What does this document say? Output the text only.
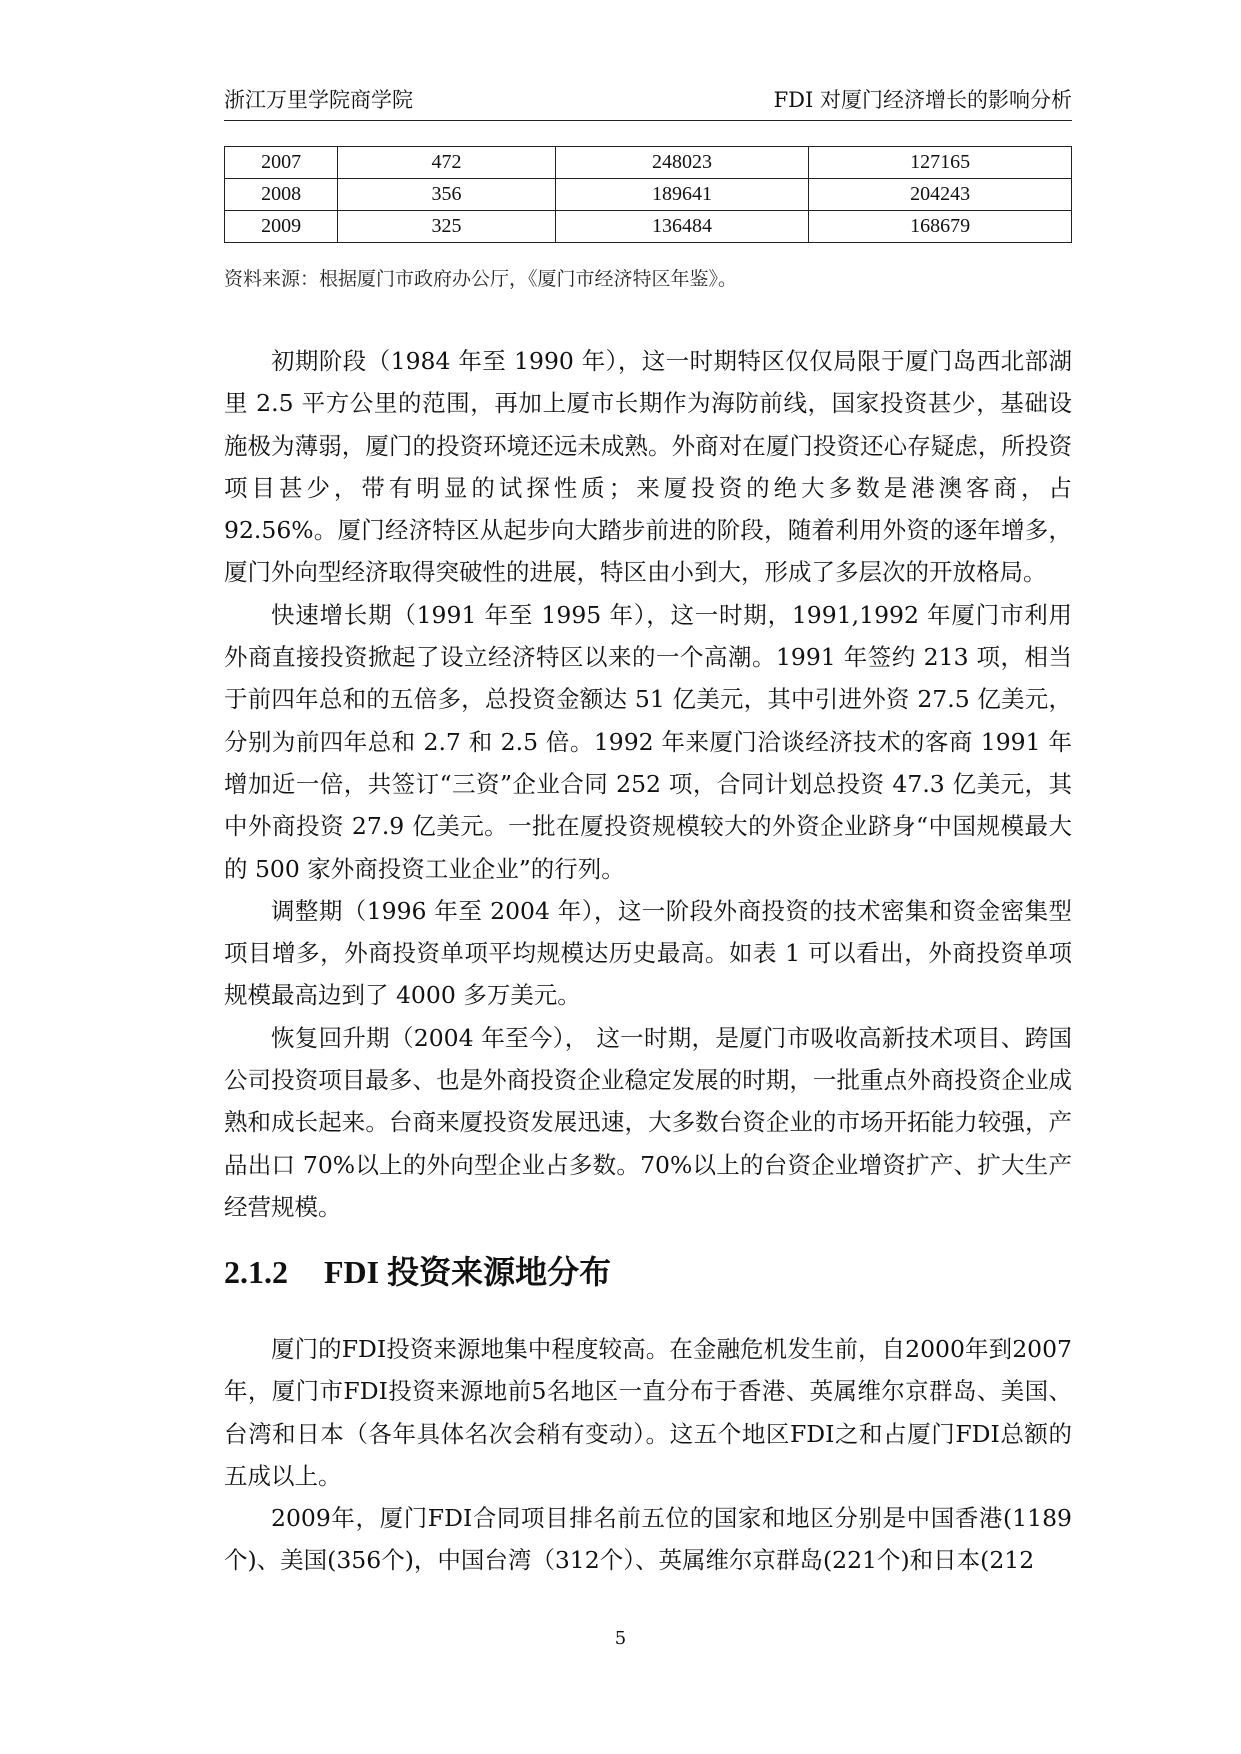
浙江万里学院商学院	FDI 对厦门经济增长的影响分析
2007	472	248023	127165
2008	356	189641	204243
2009	325	136484	168679
资料来源：根据厦门市政府办公厅，《厦门市经济特区年鉴》。

初期阶段（1984 年至 1990 年），这一时期特区仅仅局限于厦门岛西北部湖里 2.5 平方公里的范围，再加上厦市长期作为海防前线，国家投资甚少，基础设施极为薄弱，厦门的投资环境还远未成熟。外商对在厦门投资还心存疑虑，所投资项目甚少，带有明显的试探性质；来厦投资的绝大多数是港澳客商，占 92.56%。厦门经济特区从起步向大踏步前进的阶段，随着利用外资的逐年增多，厦门外向型经济取得突破性的进展，特区由小到大，形成了多层次的开放格局。

快速增长期（1991 年至 1995 年），这一时期，1991,1992 年厦门市利用外商直接投资掀起了设立经济特区以来的一个高潮。1991 年签约 213 项，相当于前四年总和的五倍多，总投资金额达 51 亿美元，其中引进外资 27.5 亿美元，分别为前四年总和 2.7 和 2.5 倍。1992 年来厦门洽谈经济技术的客商 1991 年增加近一倍，共签订“三资”企业合同 252 项，合同计划总投资 47.3 亿美元，其中外商投资 27.9 亿美元。一批在厦投资规模较大的外资企业跻身“中国规模最大的 500 家外商投资工业企业”的行列。

调整期（1996 年至 2004 年），这一阶段外商投资的技术密集和资金密集型项目增多，外商投资单项平均规模达历史最高。如表 1 可以看出，外商投资单项规模最高边到了 4000 多万美元。

恢复回升期（2004 年至今）， 这一时期，是厦门市吸收高新技术项目、跨国公司投资项目最多、也是外商投资企业稳定发展的时期，一批重点外商投资企业成熟和成长起来。台商来厦投资发展迅速，大多数台资企业的市场开拓能力较强，产品出口 70%以上的外向型企业占多数。70%以上的台资企业增资扩产、扩大生产经营规模。

2.1.2 FDI 投资来源地分布

厦门的FDI投资来源地集中程度较高。在金融危机发生前，自2000年到2007年，厦门市FDI投资来源地前5名地区一直分布于香港、英属维尔京群岛、美国、台湾和日本（各年具体名次会稍有变动）。这五个地区FDI之和占厦门FDI总额的五成以上。

2009年，厦门FDI合同项目排名前五位的国家和地区分别是中国香港(1189个)、美国(356个)，中国台湾（312个）、英属维尔京群岛(221个)和日本(212

5
